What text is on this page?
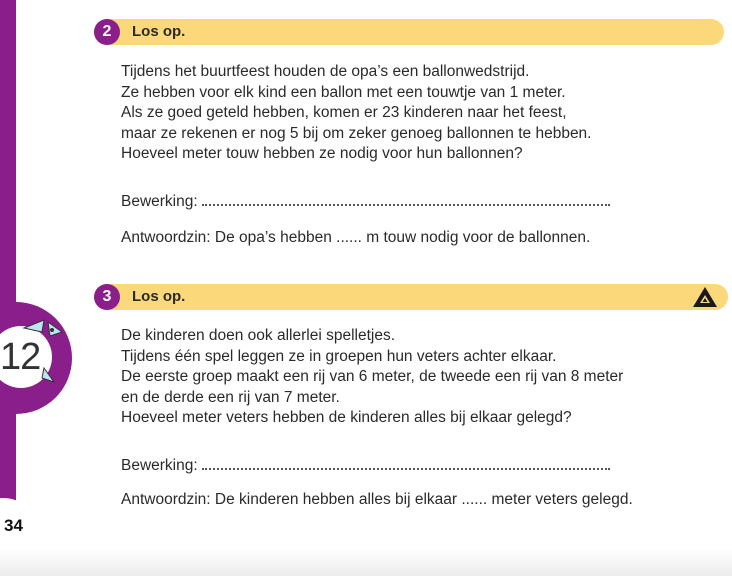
12
34
2	Los op.

Tijdens het buurtfeest houden de opa’s een ballonwedstrijd.

Ze hebben voor elk kind een ballon met een touwtje van 1 meter.

Als ze goed geteld hebben, komen er 23 kinderen naar het feest,

maar ze rekenen er nog 5 bij om zeker genoeg ballonnen te hebben.

Hoeveel meter touw hebben ze nodig voor hun ballonnen?

Bewerking:
Antwoordzin: De opa’s hebben ...... m touw nodig voor de ballonnen.
3	Los op.

De kinderen doen ook allerlei spelletjes.

Tijdens één spel leggen ze in groepen hun veters achter elkaar.

De eerste groep maakt een rij van 6 meter, de tweede een rij van 8 meter

en de derde een rij van 7 meter.

Hoeveel meter veters hebben de kinderen alles bij elkaar gelegd?

Bewerking:
Antwoordzin: De kinderen hebben alles bij elkaar ...... meter veters gelegd.
